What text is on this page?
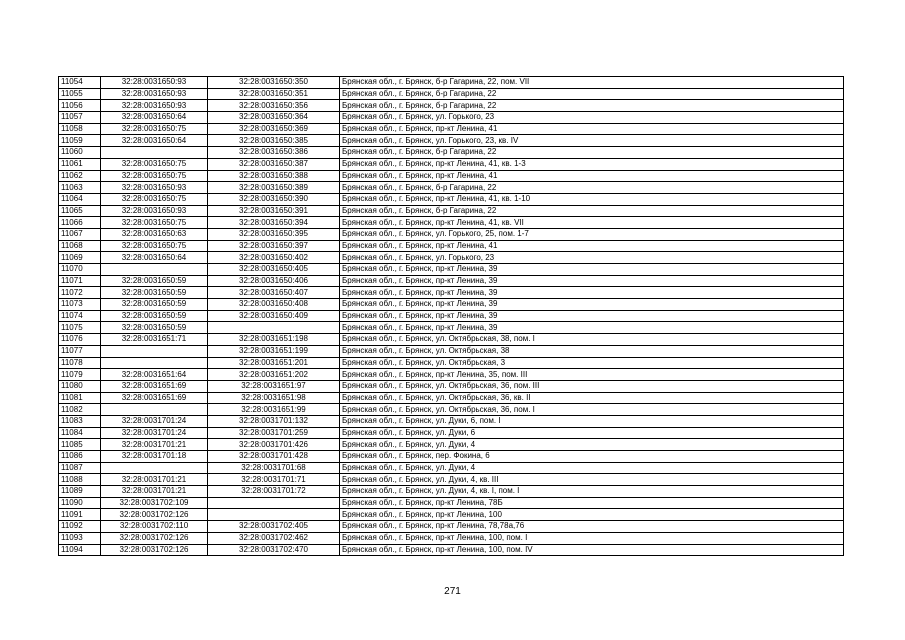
11054	32:28:0031650:93	32:28:0031650:350	Брянская обл., г. Брянск, б-р Гагарина, 22, пом. VII
11055	32:28:0031650:93	32:28:0031650:351	Брянская обл., г. Брянск, б-р Гагарина, 22
11056	32:28:0031650:93	32:28:0031650:356	Брянская обл., г. Брянск, б-р Гагарина, 22
11057	32:28:0031650:64	32:28:0031650:364	Брянская обл., г. Брянск, ул. Горького, 23
11058	32:28:0031650:75	32:28:0031650:369	Брянская обл., г. Брянск, пр-кт Ленина, 41
11059	32:28:0031650:64	32:28:0031650:385	Брянская обл., г. Брянск, ул. Горького, 23, кв. IV
11060		32:28:0031650:386	Брянская обл., г. Брянск, б-р Гагарина, 22
11061	32:28:0031650:75	32:28:0031650:387	Брянская обл., г. Брянск, пр-кт Ленина, 41, кв. 1-3
11062	32:28:0031650:75	32:28:0031650:388	Брянская обл., г. Брянск, пр-кт Ленина, 41
11063	32:28:0031650:93	32:28:0031650:389	Брянская обл., г. Брянск, б-р Гагарина, 22
11064	32:28:0031650:75	32:28:0031650:390	Брянская обл., г. Брянск, пр-кт Ленина, 41, кв. 1-10
11065	32:28:0031650:93	32:28:0031650:391	Брянская обл., г. Брянск, б-р Гагарина, 22
11066	32:28:0031650:75	32:28:0031650:394	Брянская обл., г. Брянск, пр-кт Ленина, 41, кв. VII
11067	32:28:0031650:63	32:28:0031650:395	Брянская обл., г. Брянск, ул. Горького, 25, пом. 1-7
11068	32:28:0031650:75	32:28:0031650:397	Брянская обл., г. Брянск, пр-кт Ленина, 41
11069	32:28:0031650:64	32:28:0031650:402	Брянская обл., г. Брянск, ул. Горького, 23
11070		32:28:0031650:405	Брянская обл., г. Брянск, пр-кт Ленина, 39
11071	32:28:0031650:59	32:28:0031650:406	Брянская обл., г. Брянск, пр-кт Ленина, 39
11072	32:28:0031650:59	32:28:0031650:407	Брянская обл., г. Брянск, пр-кт Ленина, 39
11073	32:28:0031650:59	32:28:0031650:408	Брянская обл., г. Брянск, пр-кт Ленина, 39
11074	32:28:0031650:59	32:28:0031650:409	Брянская обл., г. Брянск, пр-кт Ленина, 39
11075	32:28:0031650:59		Брянская обл., г. Брянск, пр-кт Ленина, 39
11076	32:28:0031651:71	32:28:0031651:198	Брянская обл., г. Брянск, ул. Октябрьская, 38, пом. I
11077		32:28:0031651:199	Брянская обл., г. Брянск, ул. Октябрьская, 38
11078		32:28:0031651:201	Брянская обл., г. Брянск, ул. Октябрьская, 3
11079	32:28:0031651:64	32:28:0031651:202	Брянская обл., г. Брянск, пр-кт Ленина, 35, пом. III
11080	32:28:0031651:69	32:28:0031651:97	Брянская обл., г. Брянск, ул. Октябрьская, 36, пом. III
11081	32:28:0031651:69	32:28:0031651:98	Брянская обл., г. Брянск, ул. Октябрьская, 36, кв. II
11082		32:28:0031651:99	Брянская обл., г. Брянск, ул. Октябрьская, 36, пом. I
11083	32:28:0031701:24	32:28:0031701:132	Брянская обл., г. Брянск, ул. Дуки, 6, пом. I
11084	32:28:0031701:24	32:28:0031701:259	Брянская обл., г. Брянск, ул. Дуки, 6
11085	32:28:0031701:21	32:28:0031701:426	Брянская обл., г. Брянск, ул. Дуки, 4
11086	32:28:0031701:18	32:28:0031701:428	Брянская обл., г. Брянск, пер. Фокина, 6
11087		32:28:0031701:68	Брянская обл., г. Брянск, ул. Дуки, 4
11088	32:28:0031701:21	32:28:0031701:71	Брянская обл., г. Брянск, ул. Дуки, 4, кв. III
11089	32:28:0031701:21	32:28:0031701:72	Брянская обл., г. Брянск, ул. Дуки, 4, кв. I, пом. I
11090	32:28:0031702:109		Брянская обл., г. Брянск, пр-кт Ленина, 78Б
11091	32:28:0031702:126		Брянская обл., г. Брянск, пр-кт Ленина, 100
11092	32:28:0031702:110	32:28:0031702:405	Брянская обл., г. Брянск, пр-кт Ленина, 78,78а,76
11093	32:28:0031702:126	32:28:0031702:462	Брянская обл., г. Брянск, пр-кт Ленина, 100, пом. I
11094	32:28:0031702:126	32:28:0031702:470	Брянская обл., г. Брянск, пр-кт Ленина, 100, пом. IV
271
